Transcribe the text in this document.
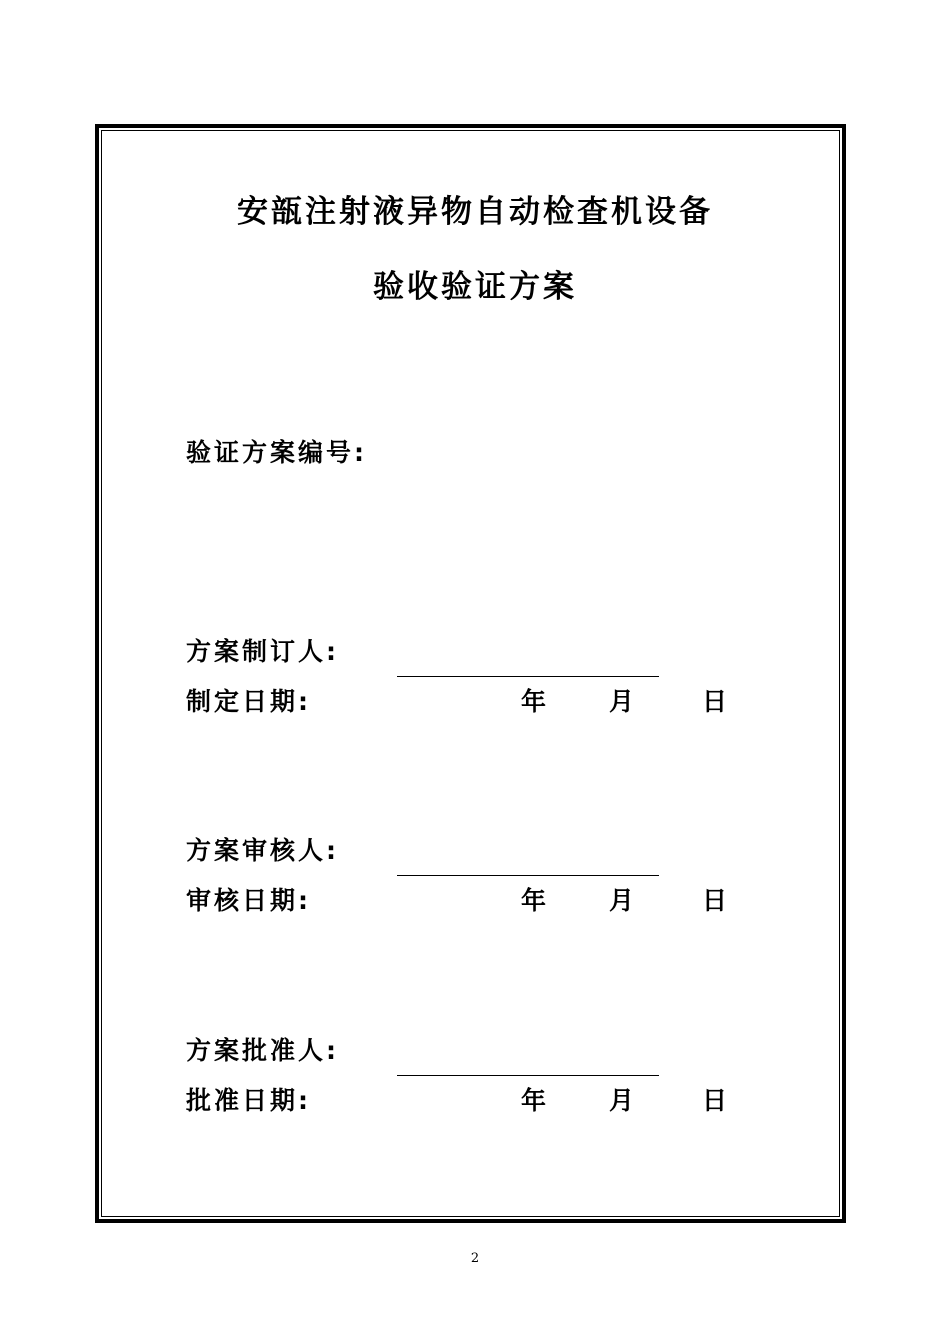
安瓿注射液异物自动检查机设备
验收验证方案
验证方案编号:
方案制订人:
制定日期:	年	月	日
方案审核人:
审核日期:	年	月	日
方案批准人:
批准日期:	年	月	日
2
